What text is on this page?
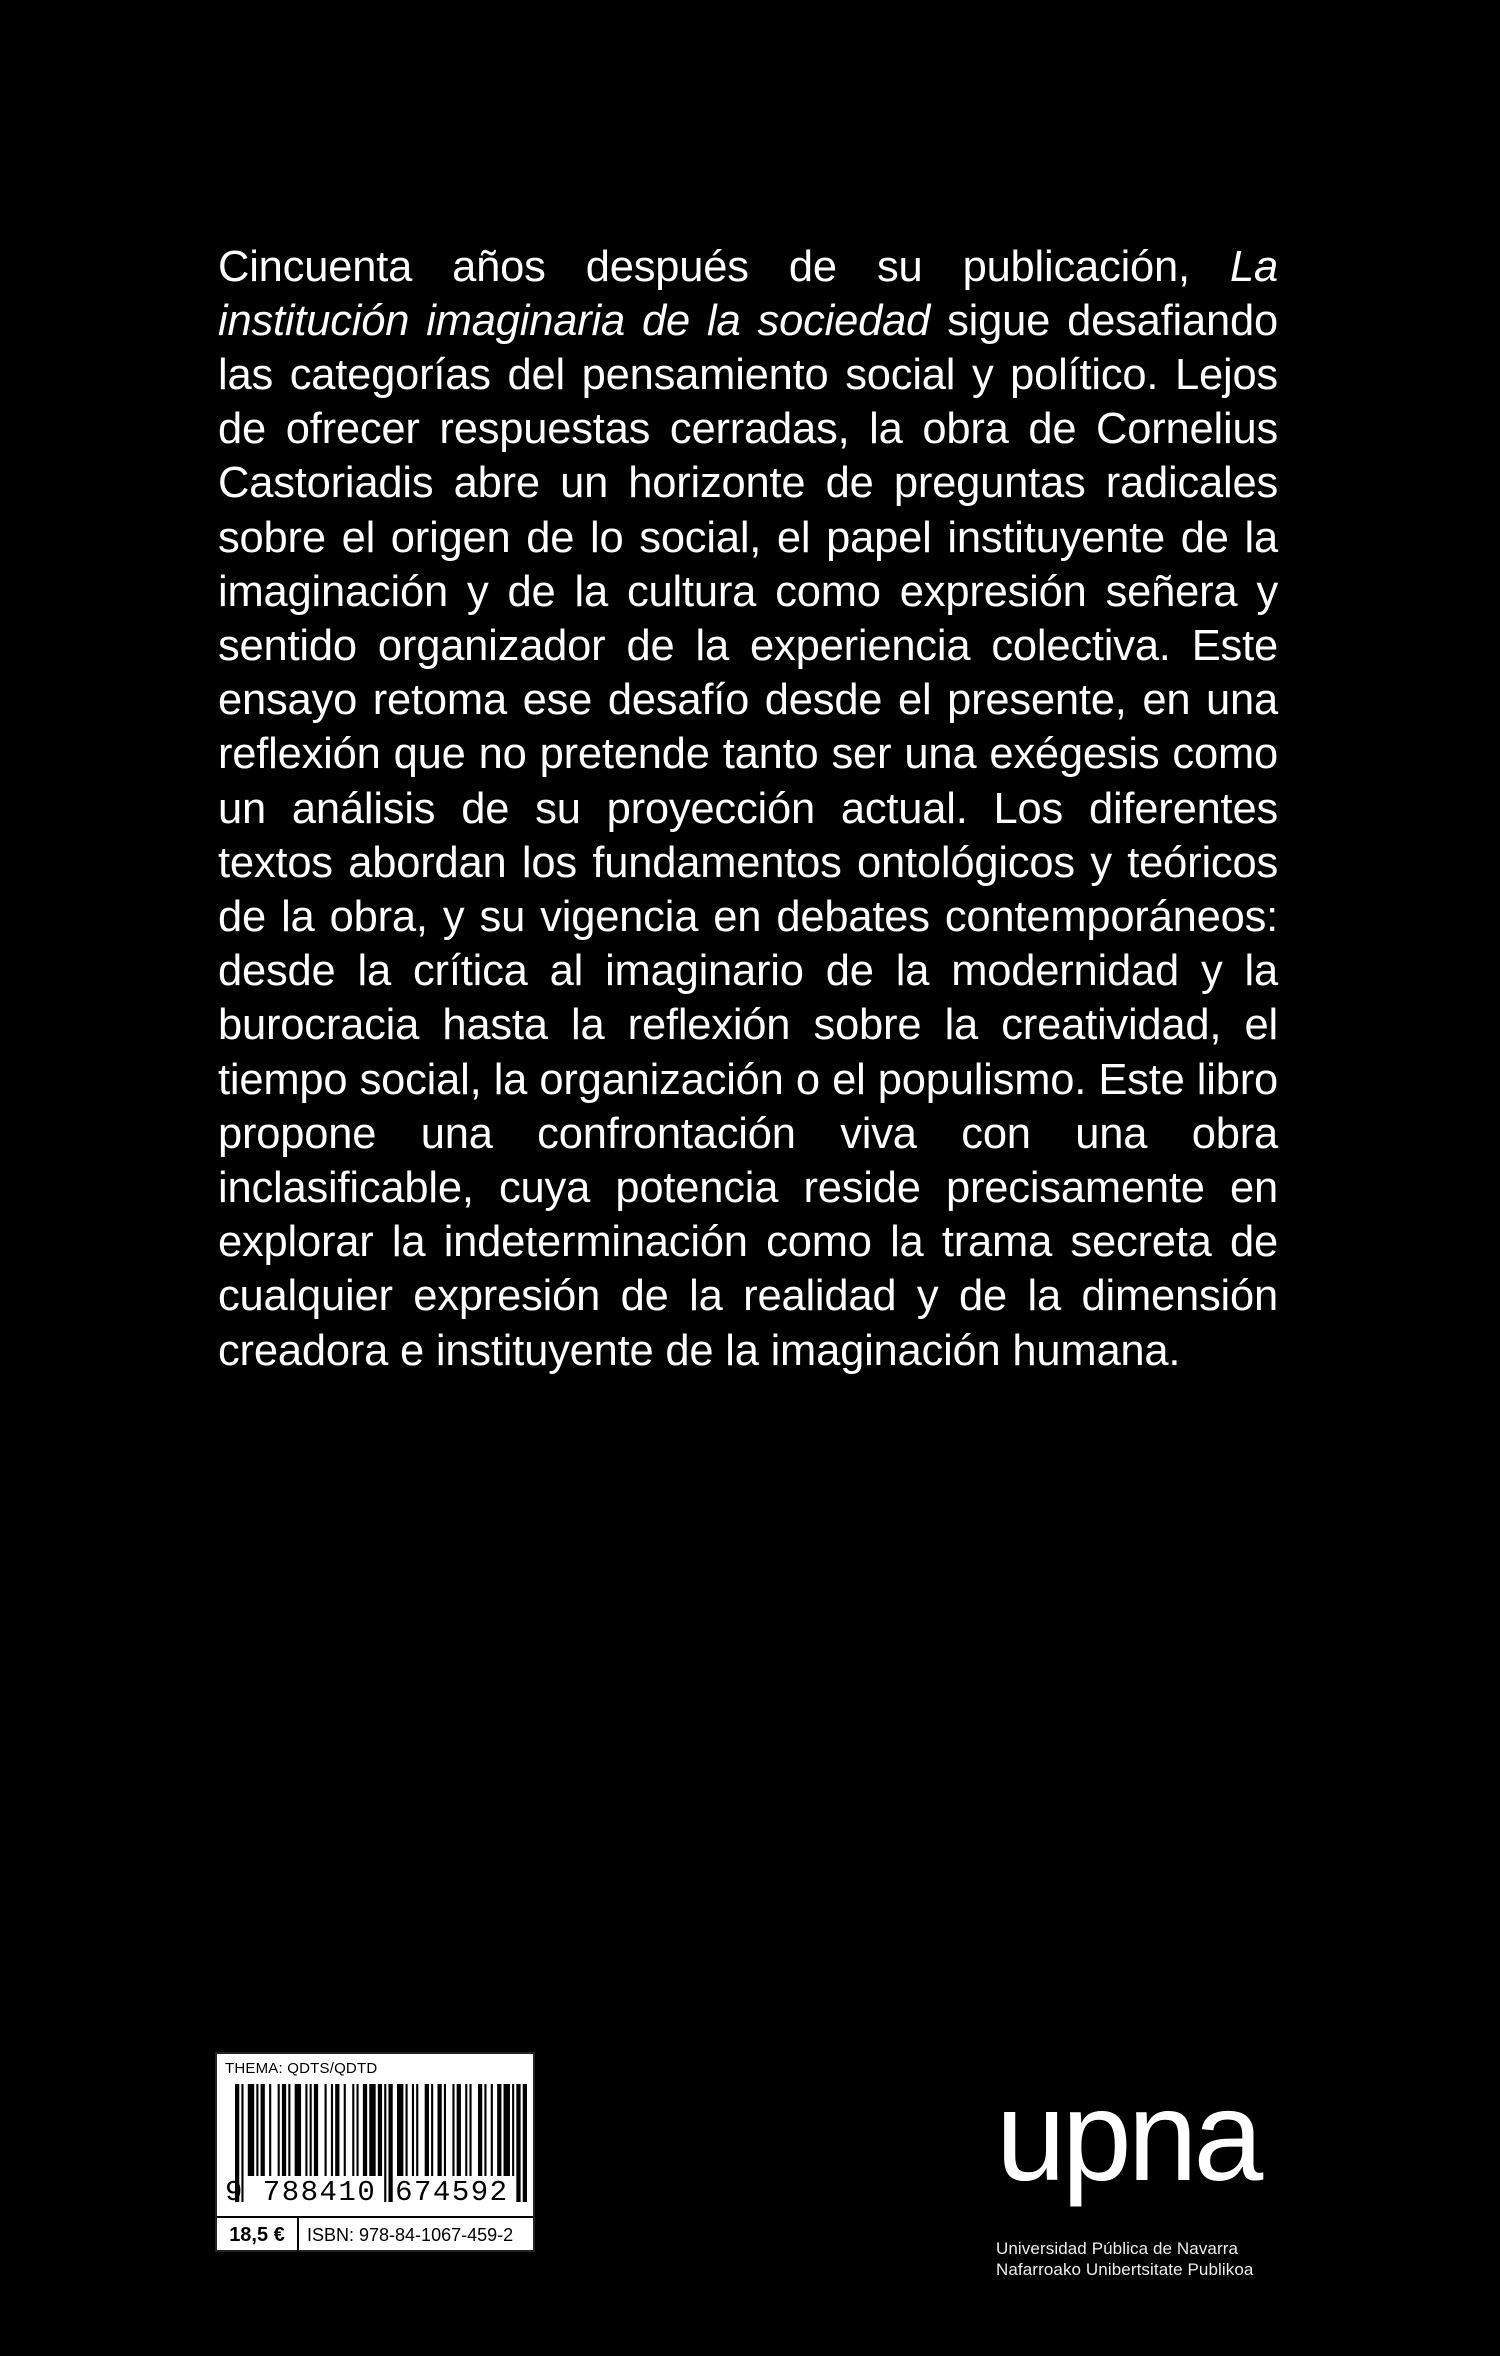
Cincuenta años después de su publicación, La institución imaginaria de la sociedad sigue desafiando las categorías del pensamiento social y político. Lejos de ofrecer respuestas cerradas, la obra de Cornelius Castoriadis abre un horizonte de preguntas radicales sobre el origen de lo social, el papel instituyente de la imaginación y de la cultura como expresión señera y sentido organizador de la experiencia colectiva. Este ensayo retoma ese desafío desde el presente, en una reflexión que no pretende tanto ser una exégesis como un análisis de su proyección actual. Los diferentes textos abordan los fundamentos ontológicos y teóricos de la obra, y su vigencia en debates contemporáneos: desde la crítica al imaginario de la modernidad y la burocracia hasta la reflexión sobre la creatividad, el tiempo social, la organización o el populismo. Este libro propone una confrontación viva con una obra inclasificable, cuya potencia reside precisamente en explorar la indeterminación como la trama secreta de cualquier expresión de la realidad y de la dimensión creadora e instituyente de la imaginación humana.

THEMA: QDTS/QDTD
9 788410 674592
18,5 €	ISBN: 978-84-1067-459-2
upna
Universidad Pública de Navarra
Nafarroako Unibertsitate Publikoa
